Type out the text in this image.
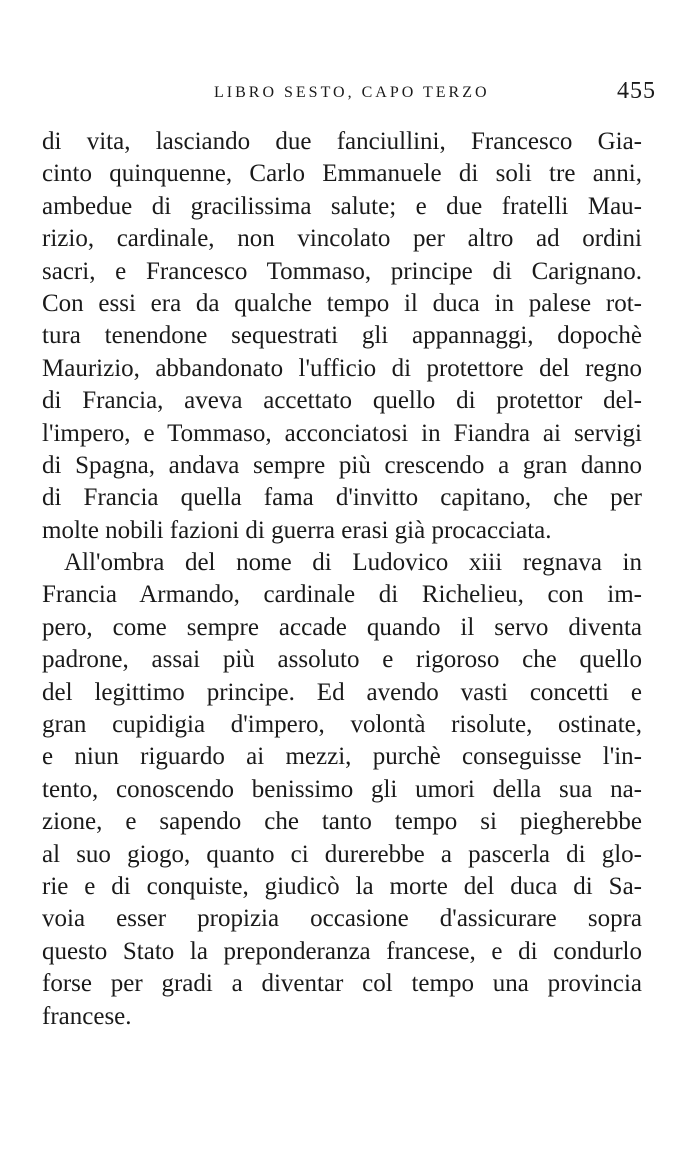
LIBRO SESTO, CAPO TERZO	455
di vita, lasciando due fanciullini, Francesco Gia-
cinto quinquenne, Carlo Emmanuele di soli tre anni,
ambedue di gracilissima salute; e due fratelli Mau-
rizio, cardinale, non vincolato per altro ad ordini
sacri, e Francesco Tommaso, principe di Carignano.
Con essi era da qualche tempo il duca in palese rot-
tura tenendone sequestrati gli appannaggi, dopochè
Maurizio, abbandonato l'ufficio di protettore del regno
di Francia, aveva accettato quello di protettor del-
l'impero, e Tommaso, acconciatosi in Fiandra ai servigi
di Spagna, andava sempre più crescendo a gran danno
di Francia quella fama d'invitto capitano, che per
molte nobili fazioni di guerra erasi già procacciata.
All'ombra del nome di Ludovico xiii regnava in
Francia Armando, cardinale di Richelieu, con im-
pero, come sempre accade quando il servo diventa
padrone, assai più assoluto e rigoroso che quello
del legittimo principe. Ed avendo vasti concetti e
gran cupidigia d'impero, volontà risolute, ostinate,
e niun riguardo ai mezzi, purchè conseguisse l'in-
tento, conoscendo benissimo gli umori della sua na-
zione, e sapendo che tanto tempo si piegherebbe
al suo giogo, quanto ci durerebbe a pascerla di glo-
rie e di conquiste, giudicò la morte del duca di Sa-
voia esser propizia occasione d'assicurare sopra
questo Stato la preponderanza francese, e di condurlo
forse per gradi a diventar col tempo una provincia
francese.
